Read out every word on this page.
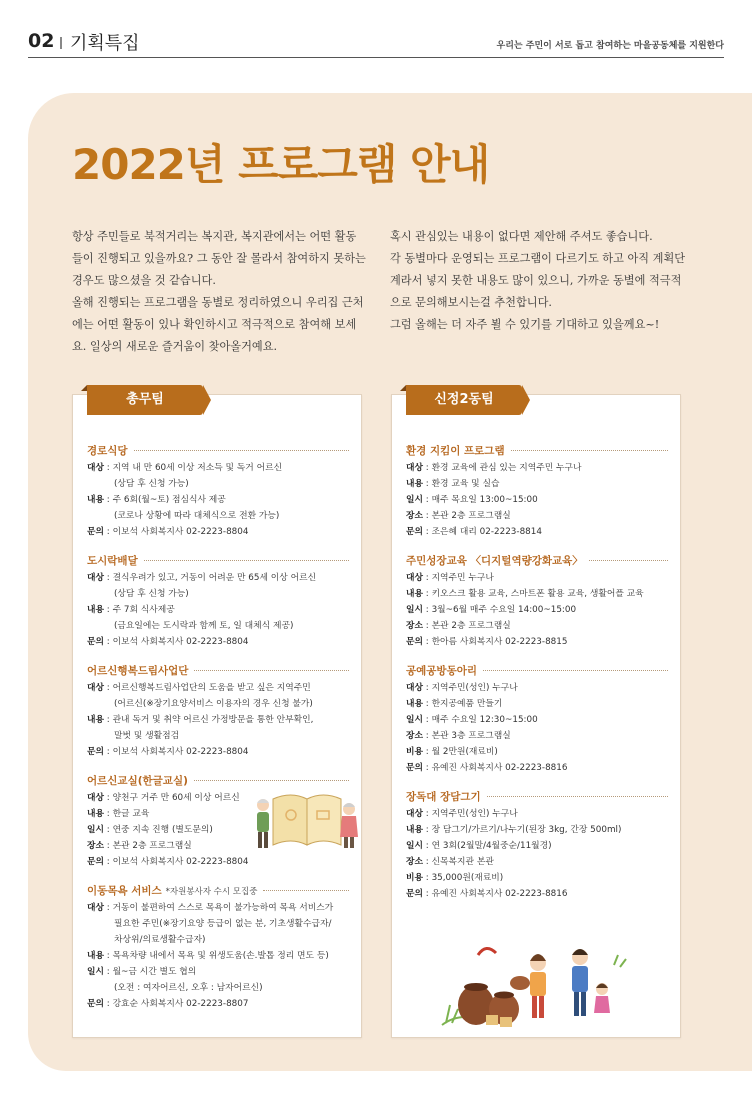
02 기획특집	우리는 주민이 서로 돕고 참여하는 마을공동체를 지원한다
2022년 프로그램 안내

항상 주민들로 북적거리는 복지관, 복지관에서는 어떤 활동

들이 진행되고 있을까요? 그 동안 잘 몰라서 참여하지 못하는

경우도 많으셨을 것 같습니다.

올해 진행되는 프로그램을 동별로 정리하였으니 우리집 근처

에는 어떤 활동이 있나 확인하시고 적극적으로 참여해 보세

요. 일상의 새로운 즐거움이 찾아올거예요.

혹시 관심있는 내용이 없다면 제안해 주셔도 좋습니다.

각 동별마다 운영되는 프로그램이 다르기도 하고 아직 계획단

계라서 넣지 못한 내용도 많이 있으니, 가까운 동별에 적극적

으로 문의해보시는걸 추천합니다.

그럼 올해는 더 자주 뵐 수 있기를 기대하고 있을께요~!

총무팀
경로식당
대상 : 지역 내 만 60세 이상 저소득 및 독거 어르신
(상담 후 신청 가능)
내용 : 주 6회(월~토) 점심식사 제공
(코로나 상황에 따라 대체식으로 전환 가능)
문의 : 이보석 사회복지사 02-2223-8804
도시락배달
대상 : 결식우려가 있고, 거동이 어려운 만 65세 이상 어르신
(상담 후 신청 가능)
내용 : 주 7회 식사제공
(금요일에는 도시락과 함께 토, 일 대체식 제공)
문의 : 이보석 사회복지사 02-2223-8804
어르신행복드림사업단
대상 : 어르신행복드림사업단의 도움을 받고 싶은 지역주민
(어르신(※장기요양서비스 이용자의 경우 신청 불가)
내용 : 관내 독거 및 취약 어르신 가정방문을 통한 안부확인,
말벗 및 생활점검
문의 : 이보석 사회복지사 02-2223-8804
어르신교실(한글교실)
대상 : 양천구 거주 만 60세 이상 어르신
내용 : 한글 교육
일시 : 연중 지속 진행 (별도문의)
장소 : 본관 2층 프로그램실
문의 : 이보석 사회복지사 02-2223-8804
이동목욕 서비스 *자원봉사자 수시 모집중
대상 : 거동이 불편하여 스스로 목욕이 불가능하여 목욕 서비스가
필요한 주민(※장기요양 등급이 없는 분, 기초생활수급자/
차상위/의료생활수급자)
내용 : 목욕차량 내에서 목욕 및 위생도움(손.발톱 정리 면도 등)
일시 : 월~금 시간 별도 협의
(오전 : 여자어르신, 오후 : 남자어르신)
문의 : 강효순 사회복지사 02-2223-8807
신정2동팀
환경 지킴이 프로그램
대상 : 환경 교육에 관심 있는 지역주민 누구나
내용 : 환경 교육 및 실습
일시 : 매주 목요일 13:00~15:00
장소 : 본관 2층 프로그램실
문의 : 조은혜 대리 02-2223-8814
주민성장교육 〈디지털역량강화교육〉
대상 : 지역주민 누구나
내용 : 키오스크 활용 교육, 스마트폰 활용 교육, 생활어플 교육
일시 : 3월~6월 매주 수요일 14:00~15:00
장소 : 본관 2층 프로그램실
문의 : 한아름 사회복지사 02-2223-8815
공예공방동아리
대상 : 지역주민(성인) 누구나
내용 : 한지공예품 만들기
일시 : 매주 수요일 12:30~15:00
장소 : 본관 3층 프로그램실
비용 : 월 2만원(재료비)
문의 : 유예진 사회복지사 02-2223-8816
장독대 장담그기
대상 : 지역주민(성인) 누구나
내용 : 장 담그기/가르기/나누기(된장 3kg, 간장 500ml)
일시 : 연 3회(2월말/4월중순/11월경)
장소 : 신목복지관 본관
비용 : 35,000원(재료비)
문의 : 유예진 사회복지사 02-2223-8816
